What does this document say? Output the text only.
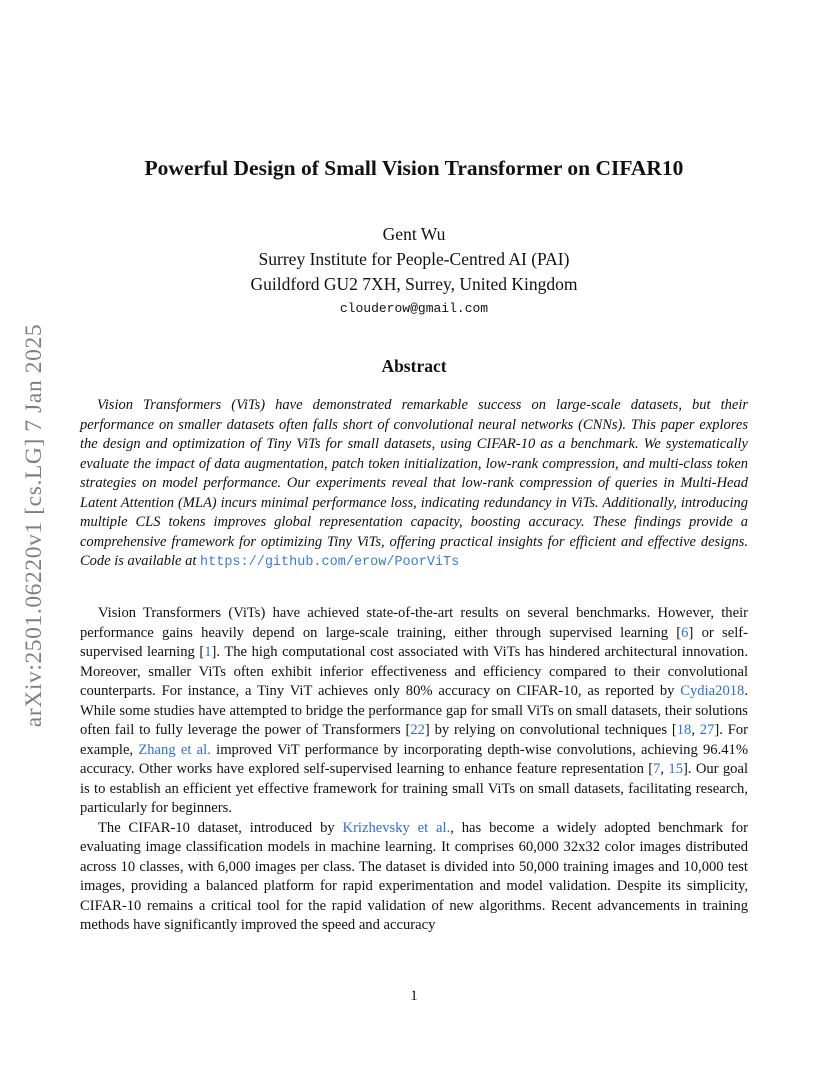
arXiv:2501.06220v1 [cs.LG] 7 Jan 2025
Powerful Design of Small Vision Transformer on CIFAR10
Gent Wu
Surrey Institute for People-Centred AI (PAI)
Guildford GU2 7XH, Surrey, United Kingdom
clouderow@gmail.com
Abstract
Vision Transformers (ViTs) have demonstrated remarkable success on large-scale datasets, but their performance on smaller datasets often falls short of convolutional neural networks (CNNs). This paper explores the design and optimization of Tiny ViTs for small datasets, using CIFAR-10 as a benchmark. We systematically evaluate the impact of data augmentation, patch token initialization, low-rank compression, and multi-class token strategies on model performance. Our experiments reveal that low-rank compression of queries in Multi-Head Latent Attention (MLA) incurs minimal performance loss, indicating redundancy in ViTs. Additionally, introducing multiple CLS tokens improves global representation capacity, boosting accuracy. These findings provide a comprehensive framework for optimizing Tiny ViTs, offering practical insights for efficient and effective designs. Code is available at https://github.com/erow/PoorViTs

Vision Transformers (ViTs) have achieved state-of-the-art results on several benchmarks. However, their performance gains heavily depend on large-scale training, either through supervised learning [6] or self-supervised learning [1]. The high computational cost associated with ViTs has hindered architectural innovation. Moreover, smaller ViTs often exhibit inferior effectiveness and efficiency compared to their convolutional counterparts. For instance, a Tiny ViT achieves only 80% accuracy on CIFAR-10, as reported by Cydia2018. While some studies have attempted to bridge the performance gap for small ViTs on small datasets, their solutions often fail to fully leverage the power of Transformers [22] by relying on convolutional techniques [18, 27]. For example, Zhang et al. improved ViT performance by incorporating depth-wise convolutions, achieving 96.41% accuracy. Other works have explored self-supervised learning to enhance feature representation [7, 15]. Our goal is to establish an efficient yet effective framework for training small ViTs on small datasets, facilitating research, particularly for beginners.

The CIFAR-10 dataset, introduced by Krizhevsky et al., has become a widely adopted benchmark for evaluating image classification models in machine learning. It comprises 60,000 32x32 color images distributed across 10 classes, with 6,000 images per class. The dataset is divided into 50,000 training images and 10,000 test images, providing a balanced platform for rapid experimentation and model validation. Despite its simplicity, CIFAR-10 remains a critical tool for the rapid validation of new algorithms. Recent advancements in training methods have significantly improved the speed and accuracy

1
